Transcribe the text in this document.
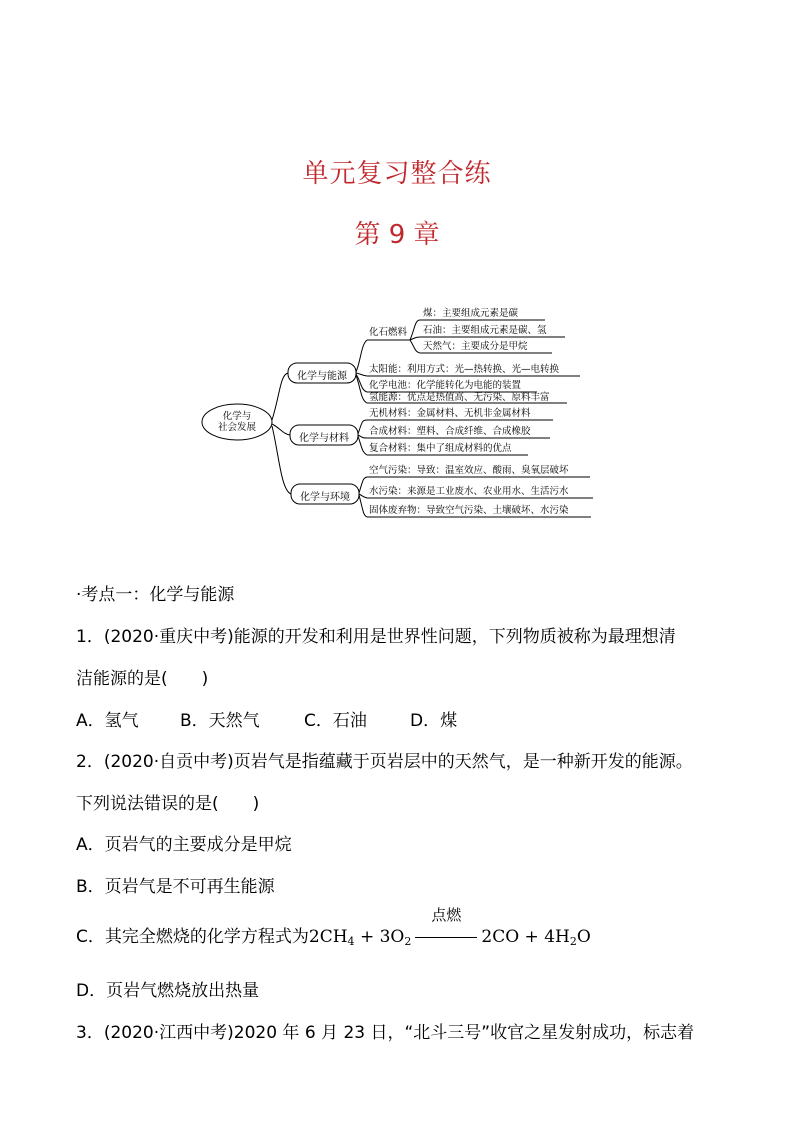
单元复习整合练
第 9 章
化学与
社会发展
化学与能源
化学与材料
化学与环境
化石燃料
煤：主要组成元素是碳
石油：主要组成元素是碳、氢
天然气：主要成分是甲烷
太阳能：利用方式：光—热转换、光—电转换
化学电池：化学能转化为电能的装置
氢能源：优点是热值高、无污染、原料丰富
无机材料：金属材料、无机非金属材料
合成材料：塑料、合成纤维、合成橡胶
复合材料：集中了组成材料的优点
空气污染：导致：温室效应、酸雨、臭氧层破坏
水污染：来源是工业废水、农业用水、生活污水
固体废弃物：导致空气污染、土壤破坏、水污染
·考点一：化学与能源
1．(2020·重庆中考)能源的开发和利用是世界性问题，下列物质被称为最理想清
洁能源的是(　　)
A．氢气 B．天然气	C．石油	D．煤
2．(2020·自贡中考)页岩气是指蕴藏于页岩层中的天然气，是一种新开发的能源。
下列说法错误的是(　　)
A．页岩气的主要成分是甲烷
B．页岩气是不可再生能源
C．其完全燃烧的化学方程式为$2CH_4 + 3O_2$
点燃
$2CO + 4H_2O$
D．页岩气燃烧放出热量
3．(2020·江西中考)2020 年 6 月 23 日，“北斗三号”收官之星发射成功，标志着
